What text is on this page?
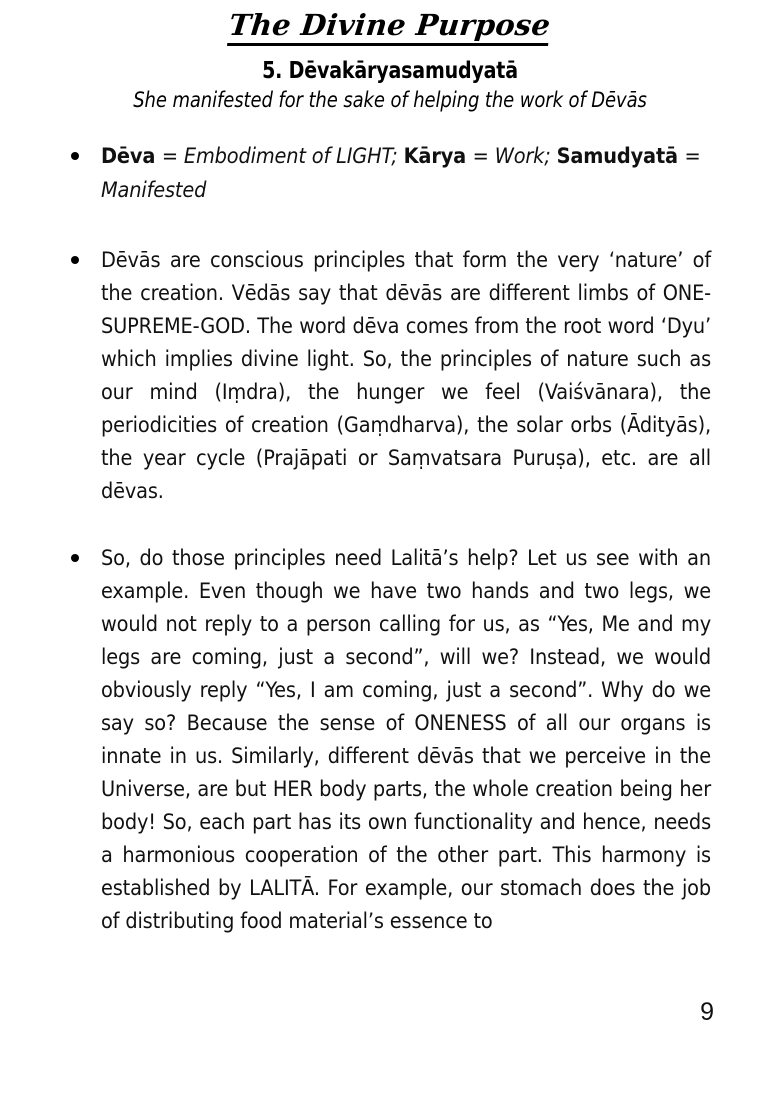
The Divine Purpose
5. Dēvakāryasamudyatā
She manifested for the sake of helping the work of Dēvās
Dēva = Embodiment of LIGHT; Kārya = Work; Samudyatā = Manifested
Dēvās are conscious principles that form the very ‘nature’ of the creation. Vēdās say that dēvās are different limbs of ONE-SUPREME-GOD. The word dēva comes from the root word ‘Dyu’ which implies divine light. So, the principles of nature such as our mind (Iṃdra), the hunger we feel (Vaiśvānara), the periodicities of creation (Gaṃdharva), the solar orbs (Ādityās), the year cycle (Prajāpati or Saṃvatsara Puruṣa), etc. are all dēvas.
So, do those principles need Lalitā’s help? Let us see with an example. Even though we have two hands and two legs, we would not reply to a person calling for us, as “Yes, Me and my legs are coming, just a second”, will we? Instead, we would obviously reply “Yes, I am coming, just a second”. Why do we say so? Because the sense of ONENESS of all our organs is innate in us. Similarly, different dēvās that we perceive in the Universe, are but HER body parts, the whole creation being her body! So, each part has its own functionality and hence, needs a harmonious cooperation of the other part. This harmony is established by LALITĀ. For example, our stomach does the job of distributing food material’s essence to
9
